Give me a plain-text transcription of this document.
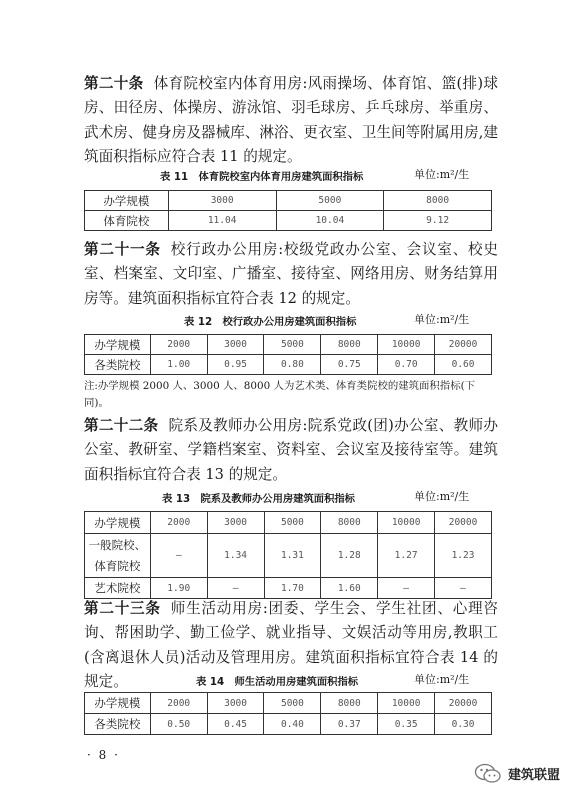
第二十条 体育院校室内体育用房:风雨操场、体育馆、篮(排)球房、田径房、体操房、游泳馆、羽毛球房、乒乓球房、举重房、武术房、健身房及器械库、淋浴、更衣室、卫生间等附属用房,建筑面积指标应符合表 11 的规定。

表 11　体育院校室内体育用房建筑面积指标	单位:m²/生
办学规模	3000	5000	8000
体育院校	11.04	10.04	9.12

第二十一条 校行政办公用房:校级党政办公室、会议室、校史室、档案室、文印室、广播室、接待室、网络用房、财务结算用房等。建筑面积指标宜符合表 12 的规定。

表 12　校行政办公用房建筑面积指标	单位:m²/生
办学规模	2000	3000	5000	8000	10000	20000
各类院校	1.00	0.95	0.80	0.75	0.70	0.60

注:办学规模 2000 人、3000 人、8000 人为艺术类、体育类院校的建筑面积指标(下同)。

第二十二条 院系及教师办公用房:院系党政(团)办公室、教师办公室、教研室、学籍档案室、资料室、会议室及接待室等。建筑面积指标宜符合表 13 的规定。

表 13　院系及教师办公用房建筑面积指标	单位:m²/生
办学规模	2000	3000	5000	8000	10000	20000

一般院校、
体育院校	—	1.34	1.31	1.28	1.27	1.23
艺术院校	1.90	—	1.70	1.60	—	—

第二十三条 师生活动用房:团委、学生会、学生社团、心理咨询、帮困助学、勤工俭学、就业指导、文娱活动等用房,教职工(含离退休人员)活动及管理用房。建筑面积指标宜符合表 14 的规定。	表 14　师生活动用房建筑面积指标	单位:m²/生
办学规模	2000	3000	5000	8000	10000	20000
各类院校	0.50	0.45	0.40	0.37	0.35	0.30
· 8 ·
建筑联盟
